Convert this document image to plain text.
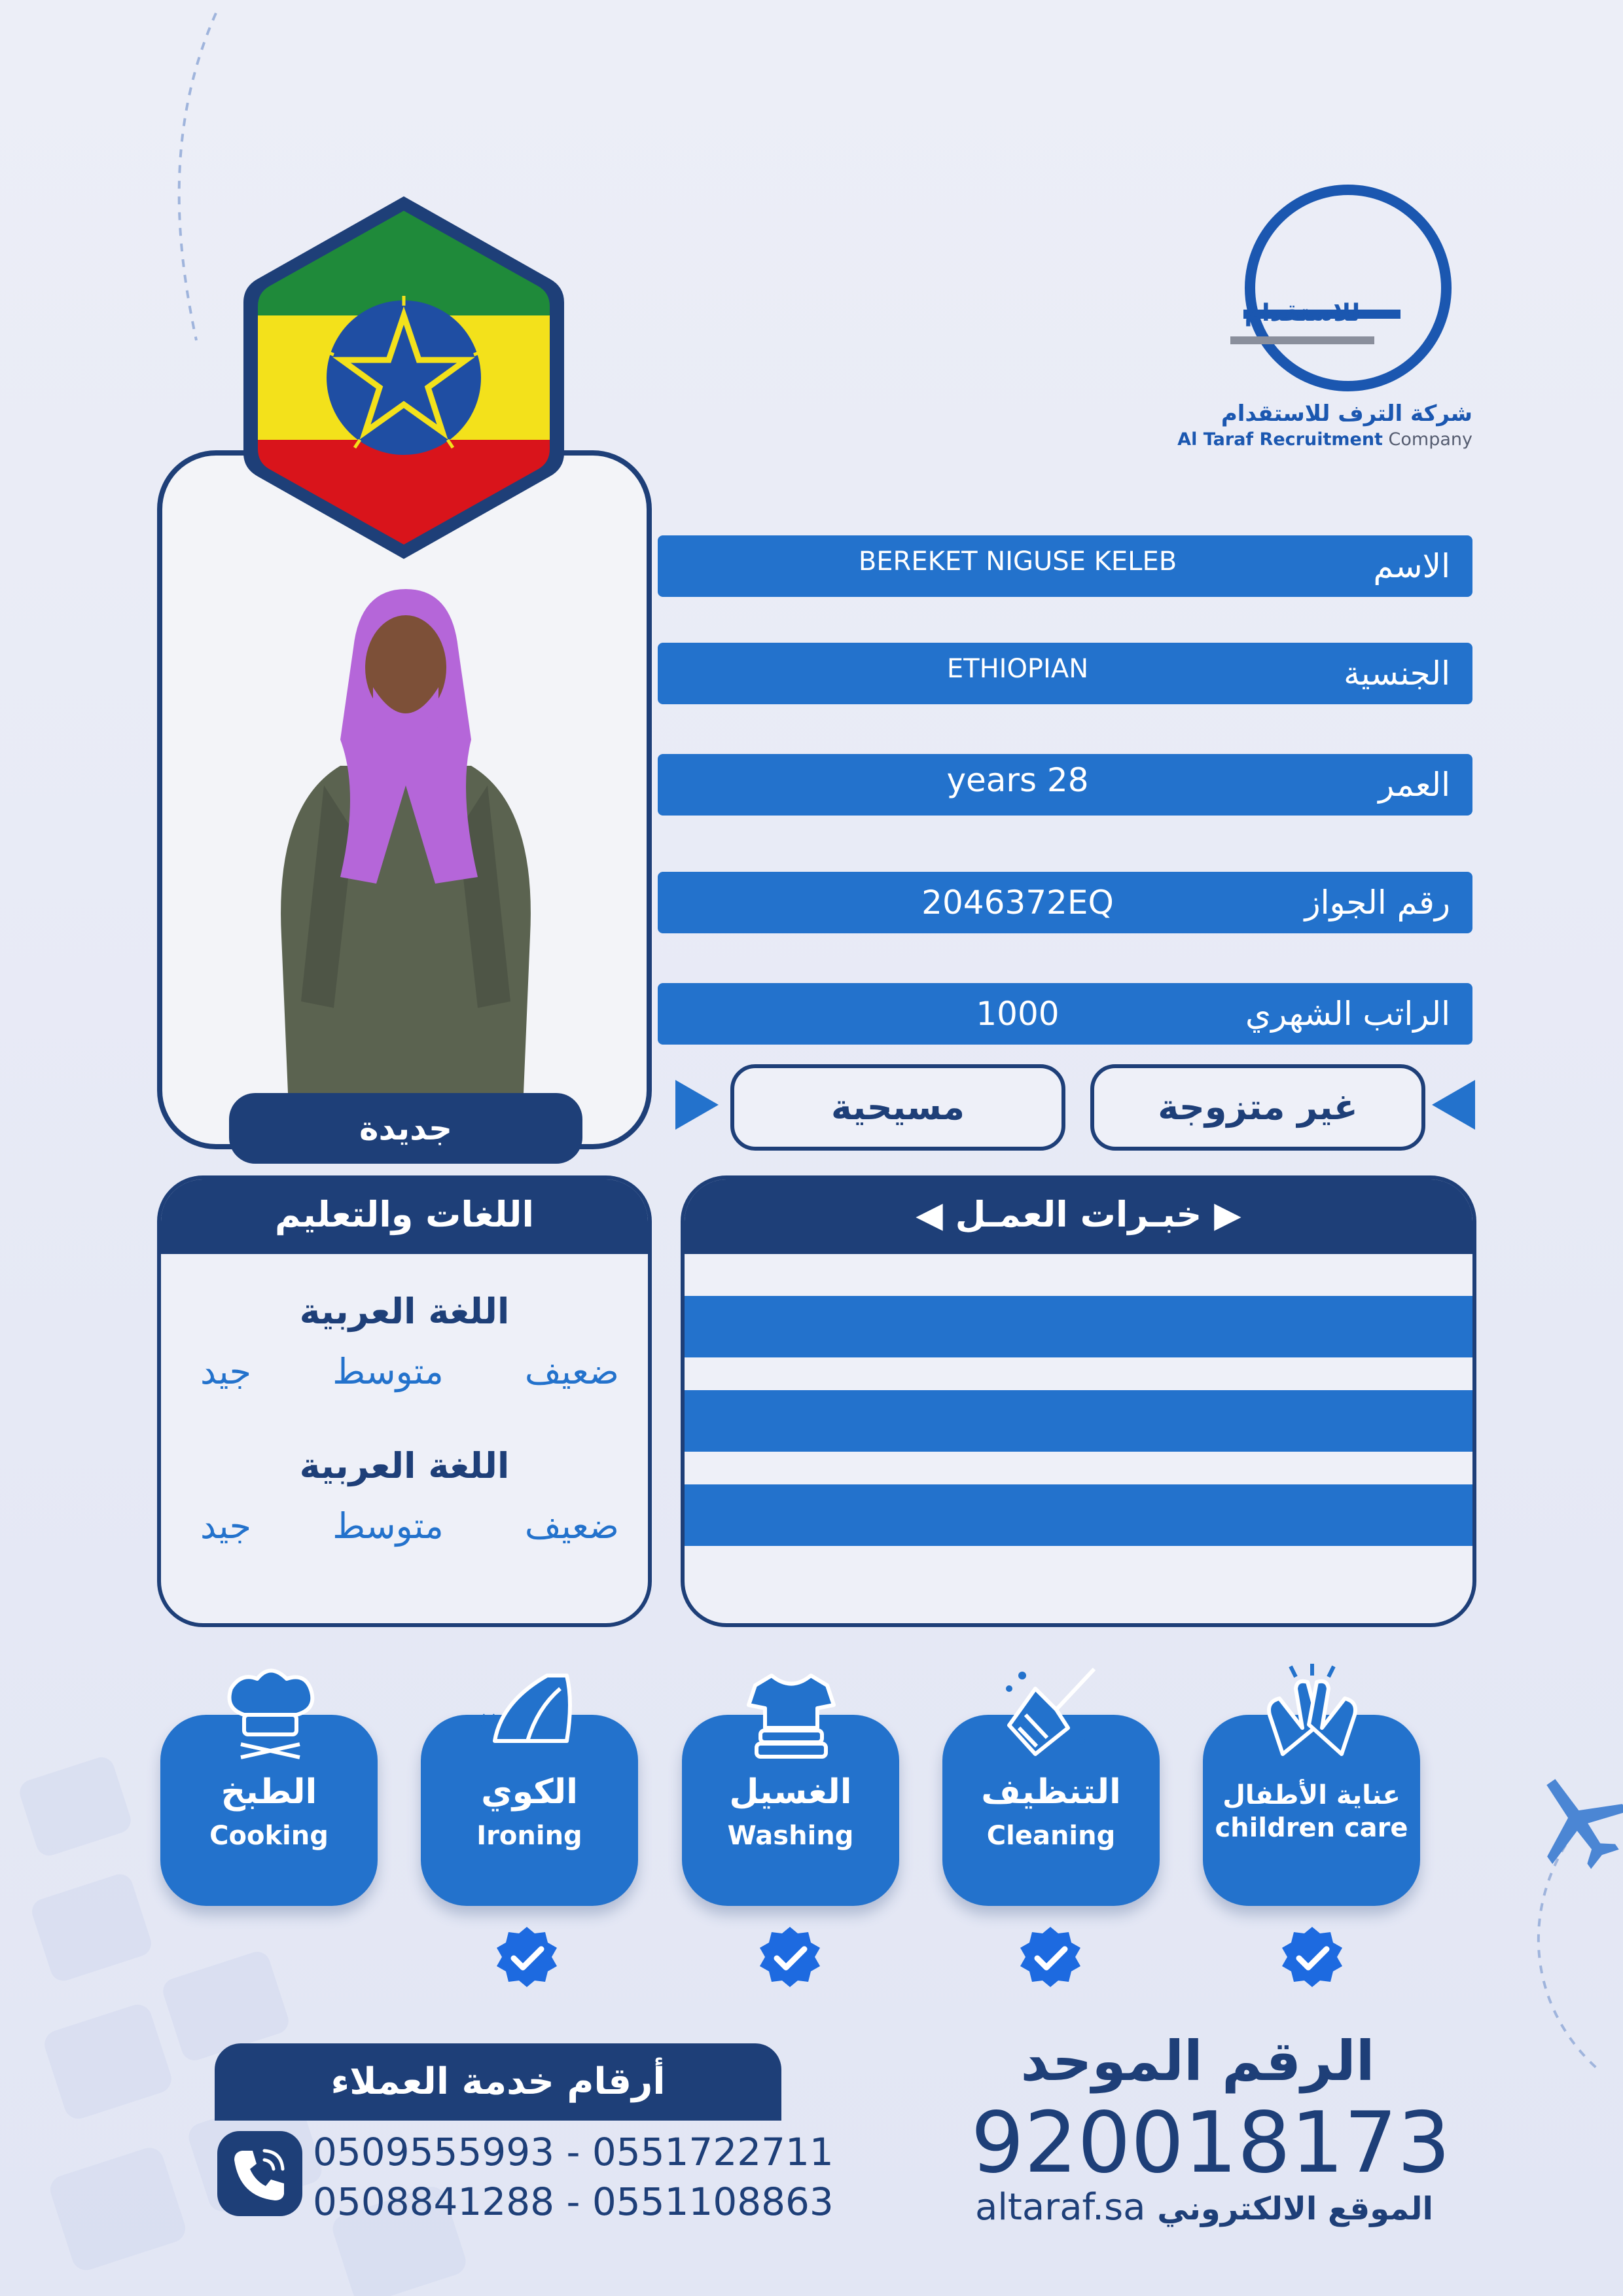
للاستقدام
شركة الترف للاستقدام
Al Taraf Recruitment Company
جديدة
الاسم
BEREKET NIGUSE KELEB
الجنسية
ETHIOPIAN
العمر
years 28
رقم الجواز
2046372EQ
الراتب الشهري
1000
مسيحية	غير متزوجة
▶ خبـرات العمـل ◀
اللغات والتعليم
اللغة العربية
ضعيف
متوسط
جيد
اللغة العربية
ضعيف
متوسط
جيد
عناية الأطفال
children care
التنظيف
Cleaning
الغسيل
Washing
الكوي
Ironing
الطبخ
Cooking
أرقام خدمة العملاء
0509555993 - 0551722711
0508841288 - 0551108863
الرقم الموحد
920018173
altaraf.sa الموقع الالكتروني
